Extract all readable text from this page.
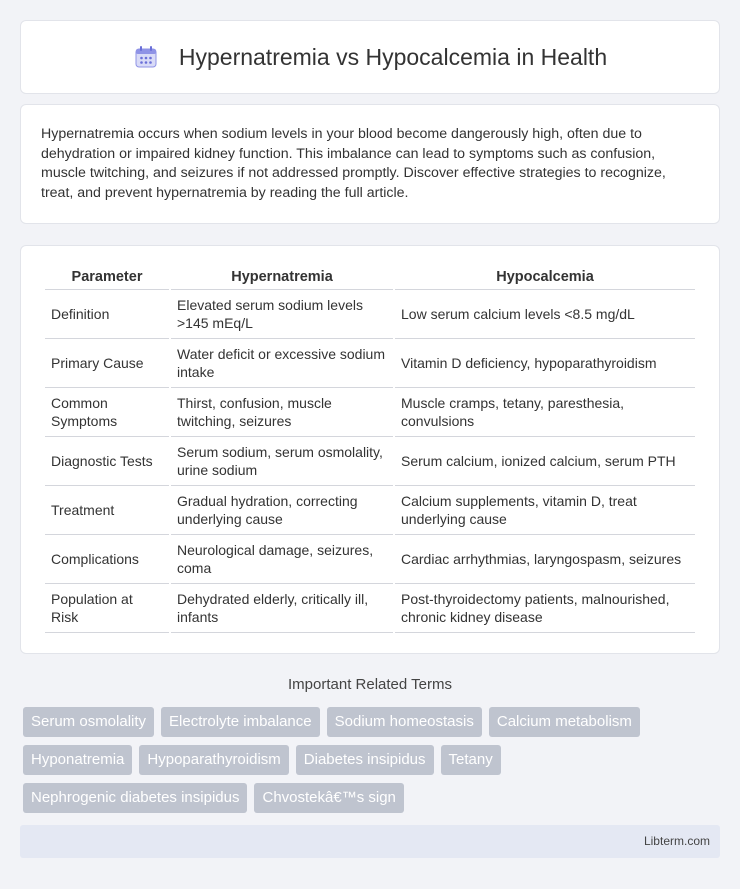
Hypernatremia vs Hypocalcemia in Health

Hypernatremia occurs when sodium levels in your blood become dangerously high, often due to dehydration or impaired kidney function. This imbalance can lead to symptoms such as confusion, muscle twitching, and seizures if not addressed promptly. Discover effective strategies to recognize, treat, and prevent hypernatremia by reading the full article.

Parameter	Hypernatremia	Hypocalcemia
Definition	Elevated serum sodium levels >145 mEq/L	Low serum calcium levels <8.5 mg/dL
Primary Cause	Water deficit or excessive sodium intake	Vitamin D deficiency, hypoparathyroidism
Common Symptoms	Thirst, confusion, muscle twitching, seizures	Muscle cramps, tetany, paresthesia, convulsions
Diagnostic Tests	Serum sodium, serum osmolality, urine sodium	Serum calcium, ionized calcium, serum PTH
Treatment	Gradual hydration, correcting underlying cause	Calcium supplements, vitamin D, treat underlying cause
Complications	Neurological damage, seizures, coma	Cardiac arrhythmias, laryngospasm, seizures
Population at Risk	Dehydrated elderly, critically ill, infants	Post-thyroidectomy patients, malnourished, chronic kidney disease
Important Related Terms
Serum osmolality	Electrolyte imbalance	Sodium homeostasis	Calcium metabolism
Hyponatremia	Hypoparathyroidism	Diabetes insipidus	Tetany
Nephrogenic diabetes insipidus	Chvostekâ€™s sign
Libterm.com
